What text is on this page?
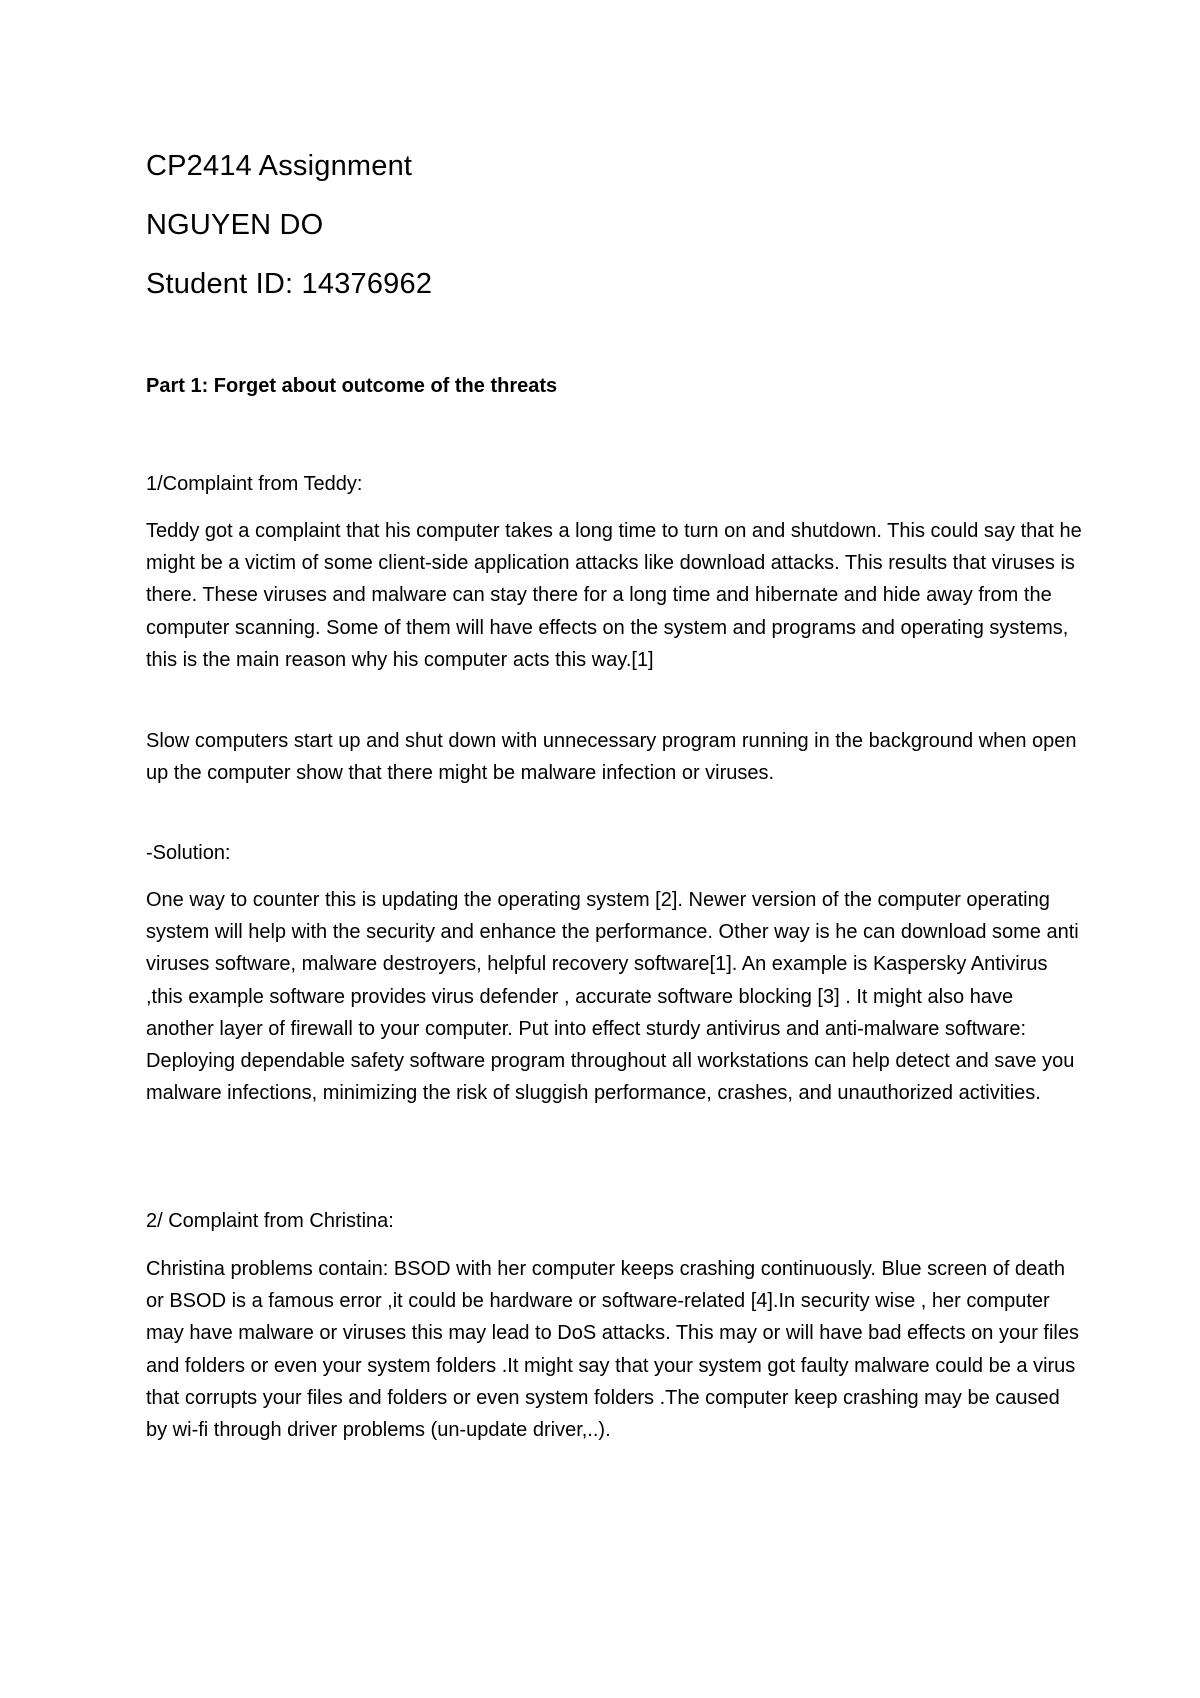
CP2414 Assignment
NGUYEN DO
Student ID: 14376962
Part 1: Forget about outcome of the threats
1/Complaint from Teddy:

Teddy got a complaint that his computer takes a long time to turn on and shutdown. This could say that he might be a victim of some client-side application attacks like download attacks. This results that viruses is there. These viruses and malware can stay there for a long time and hibernate and hide away from the computer scanning. Some of them will have effects on the system and programs and operating systems, this is the main reason why his computer acts this way.[1]

Slow computers start up and shut down with unnecessary program running in the background when open up the computer show that there might be malware infection or viruses.

-Solution:

One way to counter this is updating the operating system [2]. Newer version of the computer operating system will help with the security and enhance the performance. Other way is he can download some anti viruses software, malware destroyers, helpful recovery software[1]. An example is Kaspersky Antivirus ,this example software provides virus defender , accurate software blocking [3] . It might also have another layer of firewall to your computer. Put into effect sturdy antivirus and anti-malware software: Deploying dependable safety software program throughout all workstations can help detect and save you malware infections, minimizing the risk of sluggish performance, crashes, and unauthorized activities.

2/ Complaint from Christina:

Christina problems contain: BSOD with her computer keeps crashing continuously. Blue screen of death or BSOD is a famous error ,it could be hardware or software-related [4].In security wise , her computer may have malware or viruses this may lead to DoS attacks. This may or will have bad effects on your files and folders or even your system folders .It might say that your system got faulty malware could be a virus that corrupts your files and folders or even system folders .The computer keep crashing may be caused by wi-fi through driver problems (un-update driver,..).
